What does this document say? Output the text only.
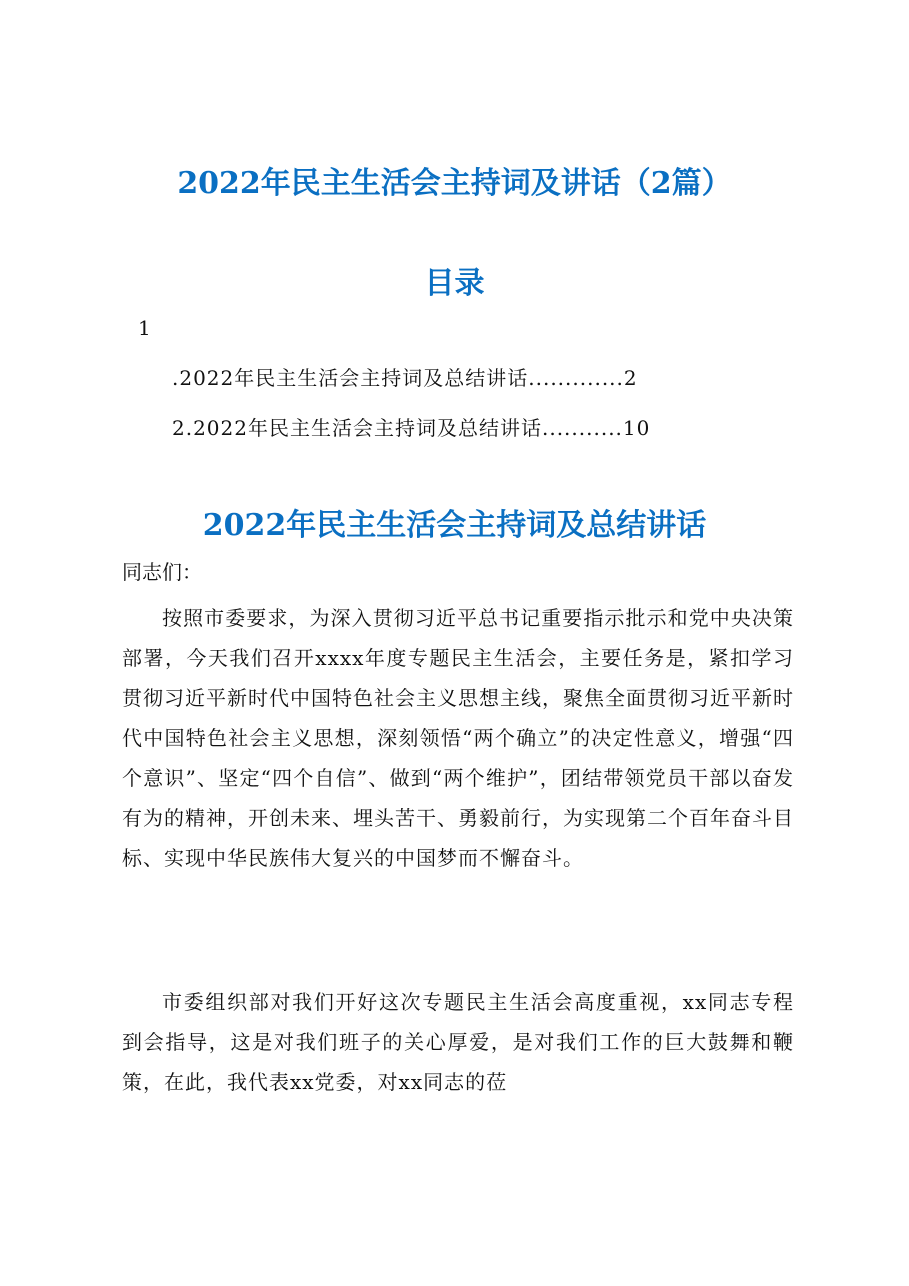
2022年民主生活会主持词及讲话（2篇）
目录
1
.2022年民主生活会主持词及总结讲话.............2
2.2022年民主生活会主持词及总结讲话...........10
2022年民主生活会主持词及总结讲话
同志们：

按照市委要求，为深入贯彻习近平总书记重要指示批示和党中央决策部署，今天我们召开xxxx年度专题民主生活会，主要任务是，紧扣学习贯彻习近平新时代中国特色社会主义思想主线，聚焦全面贯彻习近平新时代中国特色社会主义思想，深刻领悟“两个确立”的决定性意义，增强“四个意识”、坚定“四个自信”、做到“两个维护”，团结带领党员干部以奋发有为的精神，开创未来、埋头苦干、勇毅前行，为实现第二个百年奋斗目标、实现中华民族伟大复兴的中国梦而不懈奋斗。

市委组织部对我们开好这次专题民主生活会高度重视，xx同志专程到会指导，这是对我们班子的关心厚爱，是对我们工作的巨大鼓舞和鞭策，在此，我代表xx党委，对xx同志的莅
